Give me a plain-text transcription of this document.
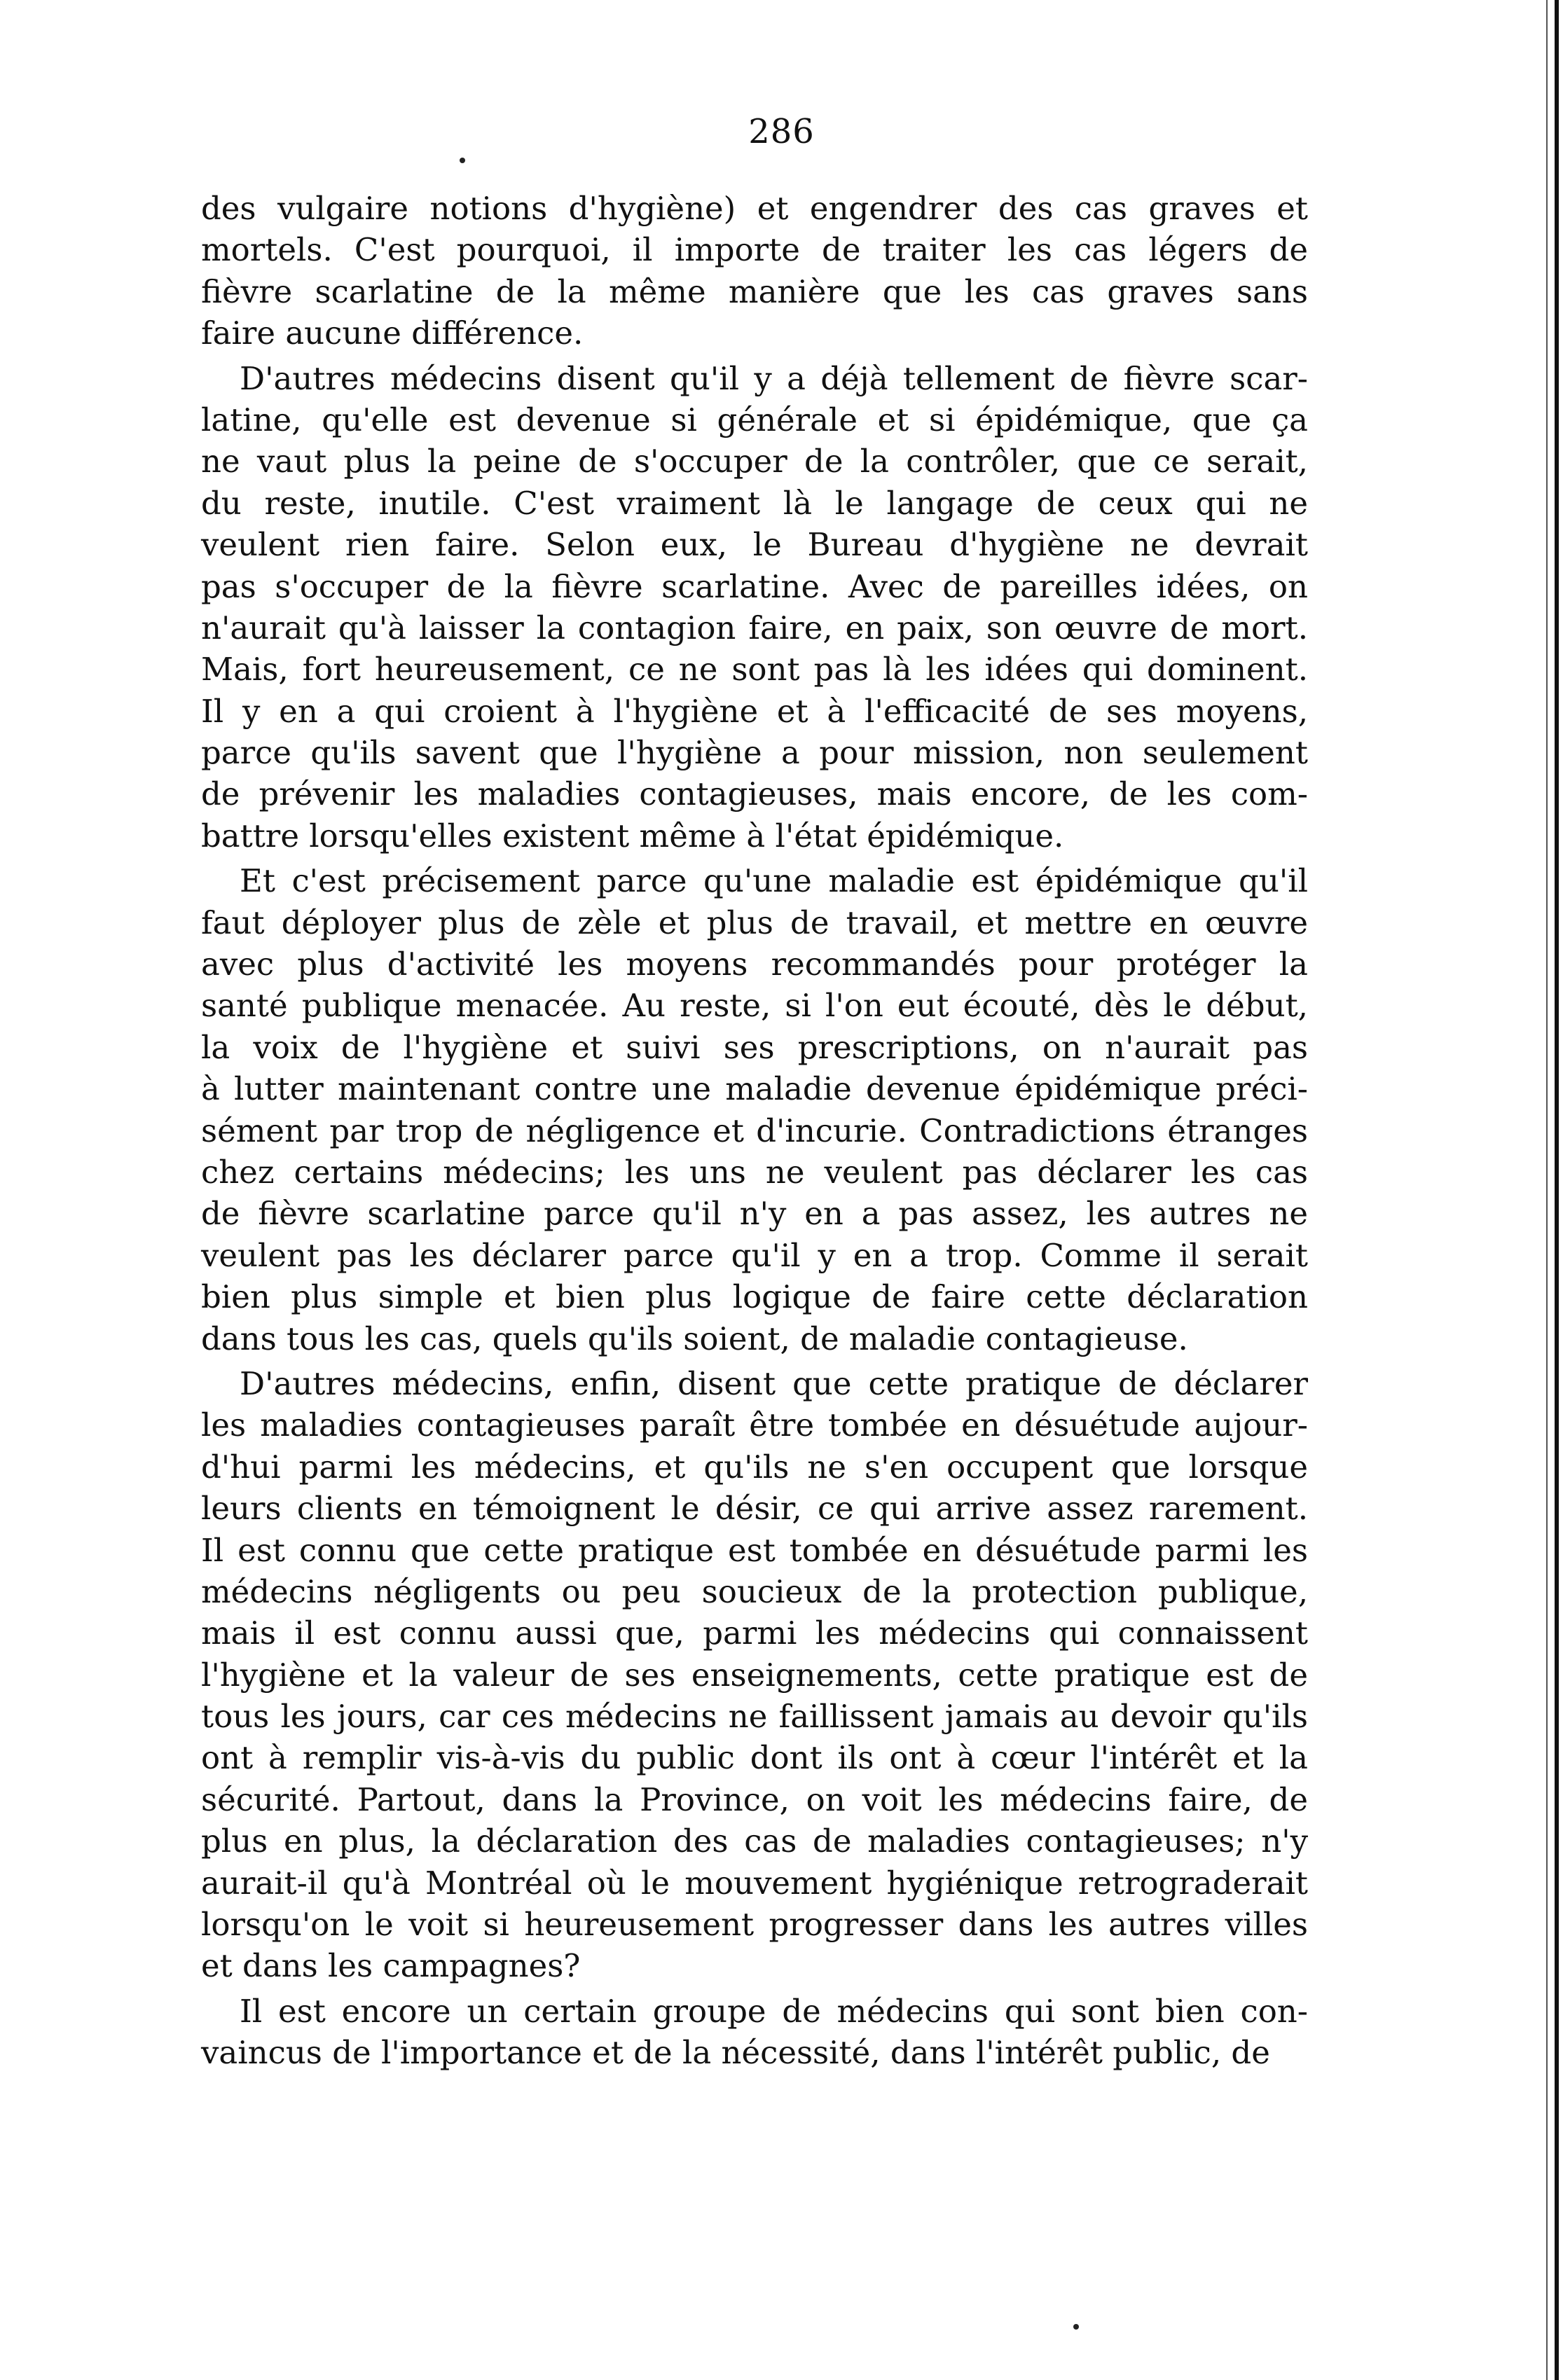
286
des vulgaire notions d'hygiène) et engendrer des cas graves et
mortels. C'est pourquoi, il importe de traiter les cas légers de
fièvre scarlatine de la même manière que les cas graves sans
faire aucune différence.
D'autres médecins disent qu'il y a déjà tellement de fièvre scar-
latine, qu'elle est devenue si générale et si épidémique, que ça
ne vaut plus la peine de s'occuper de la contrôler, que ce serait,
du reste, inutile. C'est vraiment là le langage de ceux qui ne
veulent rien faire. Selon eux, le Bureau d'hygiène ne devrait
pas s'occuper de la fièvre scarlatine. Avec de pareilles idées, on
n'aurait qu'à laisser la contagion faire, en paix, son œuvre de mort.
Mais, fort heureusement, ce ne sont pas là les idées qui dominent.
Il y en a qui croient à l'hygiène et à l'efficacité de ses moyens,
parce qu'ils savent que l'hygiène a pour mission, non seulement
de prévenir les maladies contagieuses, mais encore, de les com-
battre lorsqu'elles existent même à l'état épidémique.
Et c'est précisement parce qu'une maladie est épidémique qu'il
faut déployer plus de zèle et plus de travail, et mettre en œuvre
avec plus d'activité les moyens recommandés pour protéger la
santé publique menacée. Au reste, si l'on eut écouté, dès le début,
la voix de l'hygiène et suivi ses prescriptions, on n'aurait pas
à lutter maintenant contre une maladie devenue épidémique préci-
sément par trop de négligence et d'incurie. Contradictions étranges
chez certains médecins; les uns ne veulent pas déclarer les cas
de fièvre scarlatine parce qu'il n'y en a pas assez, les autres ne
veulent pas les déclarer parce qu'il y en a trop. Comme il serait
bien plus simple et bien plus logique de faire cette déclaration
dans tous les cas, quels qu'ils soient, de maladie contagieuse.
D'autres médecins, enfin, disent que cette pratique de déclarer
les maladies contagieuses paraît être tombée en désuétude aujour-
d'hui parmi les médecins, et qu'ils ne s'en occupent que lorsque
leurs clients en témoignent le désir, ce qui arrive assez rarement.
Il est connu que cette pratique est tombée en désuétude parmi les
médecins négligents ou peu soucieux de la protection publique,
mais il est connu aussi que, parmi les médecins qui connaissent
l'hygiène et la valeur de ses enseignements, cette pratique est de
tous les jours, car ces médecins ne faillissent jamais au devoir qu'ils
ont à remplir vis-à-vis du public dont ils ont à cœur l'intérêt et la
sécurité. Partout, dans la Province, on voit les médecins faire, de
plus en plus, la déclaration des cas de maladies contagieuses; n'y
aurait-il qu'à Montréal où le mouvement hygiénique retrograderait
lorsqu'on le voit si heureusement progresser dans les autres villes
et dans les campagnes?
Il est encore un certain groupe de médecins qui sont bien con-
vaincus de l'importance et de la nécessité, dans l'intérêt public, de
